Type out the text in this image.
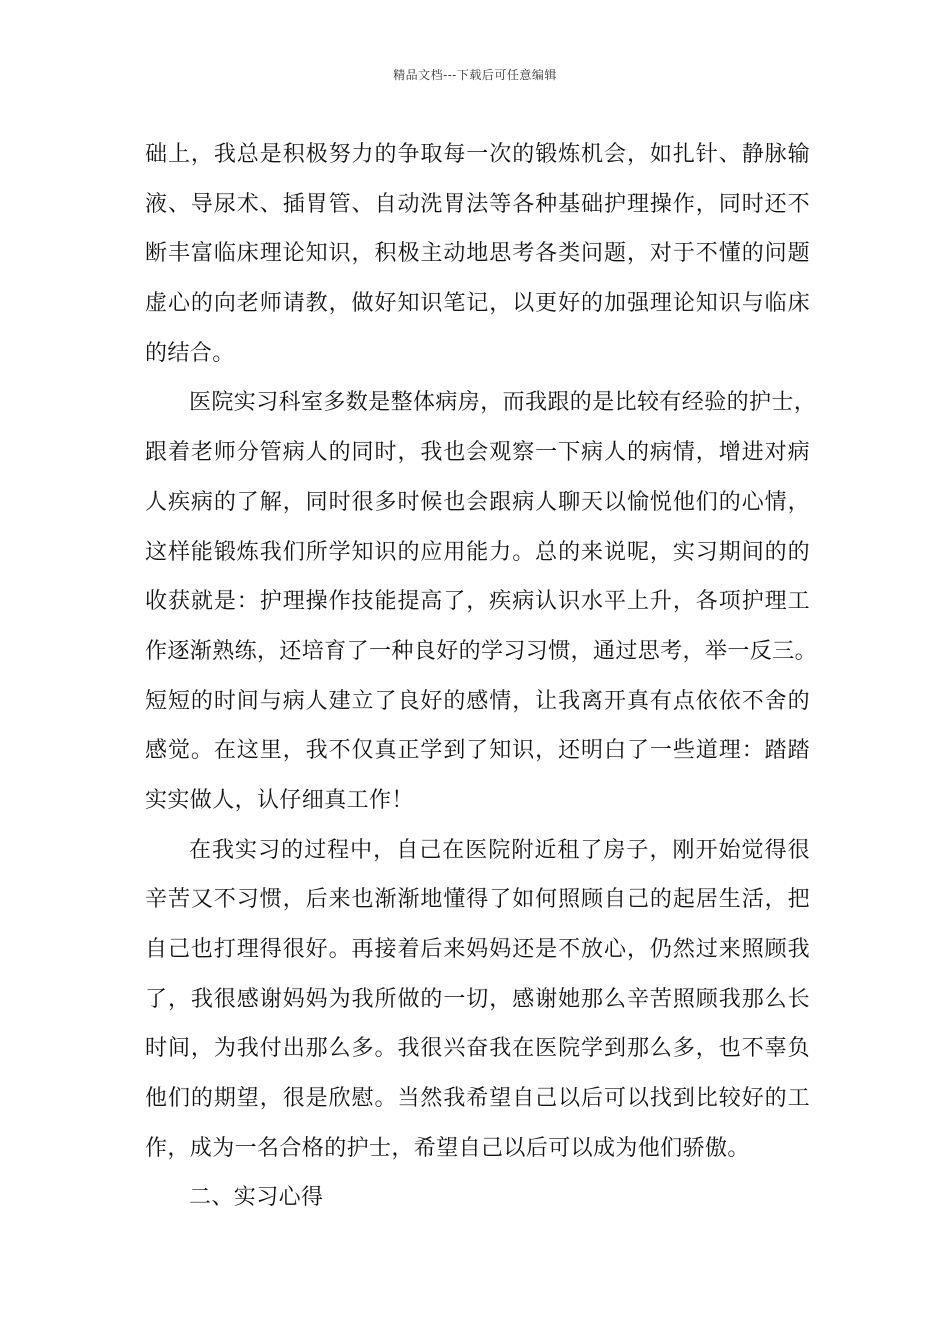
精品文档---下载后可任意编辑
础上，我总是积极努力的争取每一次的锻炼机会，如扎针、静脉输
液、导尿术、插胃管、自动洗胃法等各种基础护理操作，同时还不
断丰富临床理论知识，积极主动地思考各类问题，对于不懂的问题
虚心的向老师请教，做好知识笔记，以更好的加强理论知识与临床
的结合。
医院实习科室多数是整体病房，而我跟的是比较有经验的护士，
跟着老师分管病人的同时，我也会观察一下病人的病情，增进对病
人疾病的了解，同时很多时候也会跟病人聊天以愉悦他们的心情，
这样能锻炼我们所学知识的应用能力。总的来说呢，实习期间的的
收获就是：护理操作技能提高了，疾病认识水平上升，各项护理工
作逐渐熟练，还培育了一种良好的学习习惯，通过思考，举一反三。
短短的时间与病人建立了良好的感情，让我离开真有点依依不舍的
感觉。在这里，我不仅真正学到了知识，还明白了一些道理：踏踏
实实做人，认仔细真工作！
在我实习的过程中，自己在医院附近租了房子，刚开始觉得很
辛苦又不习惯，后来也渐渐地懂得了如何照顾自己的起居生活，把
自己也打理得很好。再接着后来妈妈还是不放心，仍然过来照顾我
了，我很感谢妈妈为我所做的一切，感谢她那么辛苦照顾我那么长
时间，为我付出那么多。我很兴奋我在医院学到那么多，也不辜负
他们的期望，很是欣慰。当然我希望自己以后可以找到比较好的工
作，成为一名合格的护士，希望自己以后可以成为他们骄傲。
二、实习心得
